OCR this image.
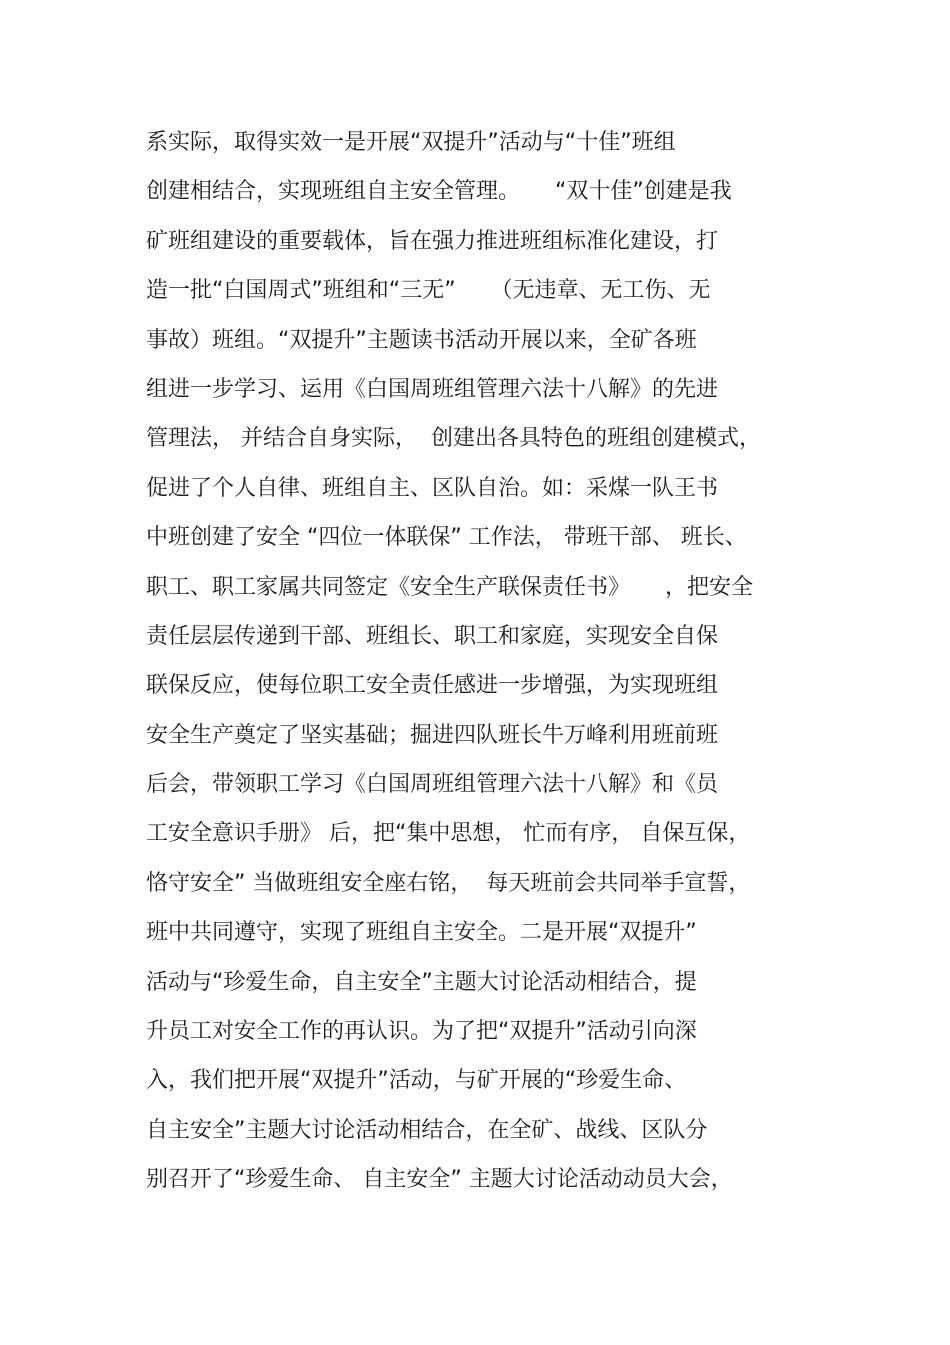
系实际，取得实效一是开展“双提升”活动与“十佳”班组
创建相结合，实现班组自主安全管理。     “双十佳”创建是我
矿班组建设的重要载体，旨在强力推进班组标准化建设，打
造一批“白国周式”班组和“三无”     （无违章、无工伤、无
事故）班组。“双提升”主题读书活动开展以来，全矿各班
组进一步学习、运用《白国周班组管理六法十八解》的先进
管理法， 并结合自身实际，  创建出各具特色的班组创建模式，
促进了个人自律、班组自主、区队自治。如：采煤一队王书
中班创建了安全 “四位一体联保” 工作法， 带班干部、 班长、
职工、职工家属共同签定《安全生产联保责任书》     ，把安全
责任层层传递到干部、班组长、职工和家庭，实现安全自保
联保反应，使每位职工安全责任感进一步增强，为实现班组
安全生产奠定了坚实基础；掘进四队班长牛万峰利用班前班
后会，带领职工学习《白国周班组管理六法十八解》和《员
工安全意识手册》 后，把“集中思想， 忙而有序， 自保互保，
恪守安全” 当做班组安全座右铭，  每天班前会共同举手宣誓，
班中共同遵守，实现了班组自主安全。二是开展“双提升”
活动与“珍爱生命，自主安全”主题大讨论活动相结合，提
升员工对安全工作的再认识。为了把“双提升”活动引向深
入，我们把开展“双提升”活动，与矿开展的“珍爱生命、
自主安全”主题大讨论活动相结合，在全矿、战线、区队分
别召开了“珍爱生命、 自主安全” 主题大讨论活动动员大会，
